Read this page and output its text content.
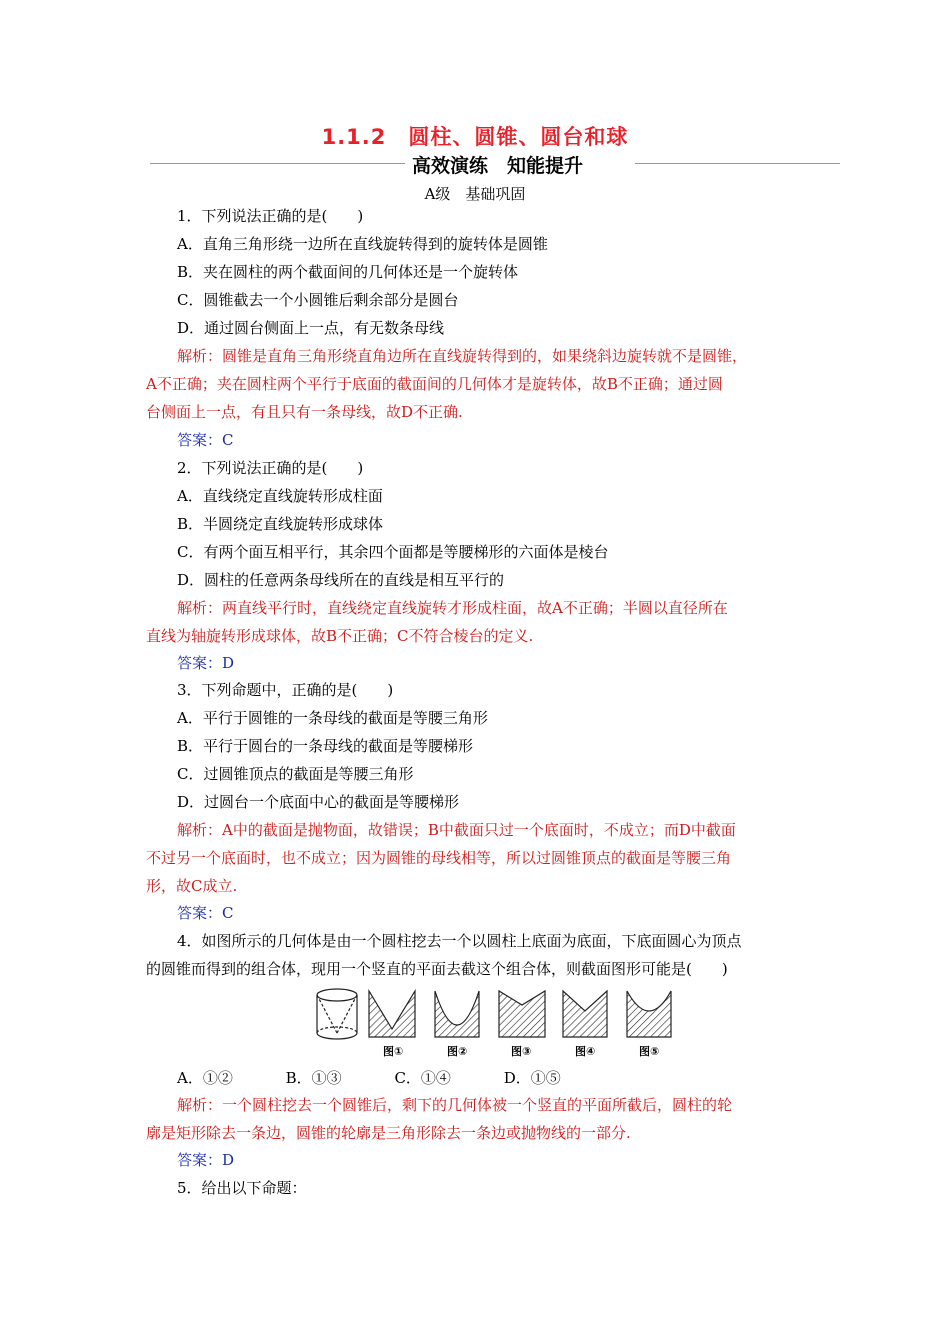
1.1.2　圆柱、圆锥、圆台和球
高效演练　知能提升
A级　基础巩固
1．下列说法正确的是(　　)
A．直角三角形绕一边所在直线旋转得到的旋转体是圆锥
B．夹在圆柱的两个截面间的几何体还是一个旋转体
C．圆锥截去一个小圆锥后剩余部分是圆台
D．通过圆台侧面上一点，有无数条母线
解析：圆锥是直角三角形绕直角边所在直线旋转得到的，如果绕斜边旋转就不是圆锥，
A不正确；夹在圆柱两个平行于底面的截面间的几何体才是旋转体，故B不正确；通过圆
台侧面上一点，有且只有一条母线，故D不正确.
答案：C
2．下列说法正确的是(　　)
A．直线绕定直线旋转形成柱面
B．半圆绕定直线旋转形成球体
C．有两个面互相平行，其余四个面都是等腰梯形的六面体是棱台
D．圆柱的任意两条母线所在的直线是相互平行的
解析：两直线平行时，直线绕定直线旋转才形成柱面，故A不正确；半圆以直径所在
直线为轴旋转形成球体，故B不正确；C不符合棱台的定义.
答案：D
3．下列命题中，正确的是(　　)
A．平行于圆锥的一条母线的截面是等腰三角形
B．平行于圆台的一条母线的截面是等腰梯形
C．过圆锥顶点的截面是等腰三角形
D．过圆台一个底面中心的截面是等腰梯形
解析：A中的截面是抛物面，故错误；B中截面只过一个底面时，不成立；而D中截面
不过另一个底面时，也不成立；因为圆锥的母线相等，所以过圆锥顶点的截面是等腰三角
形，故C成立.
答案：C
4．如图所示的几何体是由一个圆柱挖去一个以圆柱上底面为底面，下底面圆心为顶点
的圆锥而得到的组合体，现用一个竖直的平面去截这个组合体，则截面图形可能是(　　)
图①	图②	图③	图④	图⑤
A．①②	B．①③	C．①④	D．①⑤
解析：一个圆柱挖去一个圆锥后，剩下的几何体被一个竖直的平面所截后，圆柱的轮
廓是矩形除去一条边，圆锥的轮廓是三角形除去一条边或抛物线的一部分.
答案：D
5．给出以下命题：
